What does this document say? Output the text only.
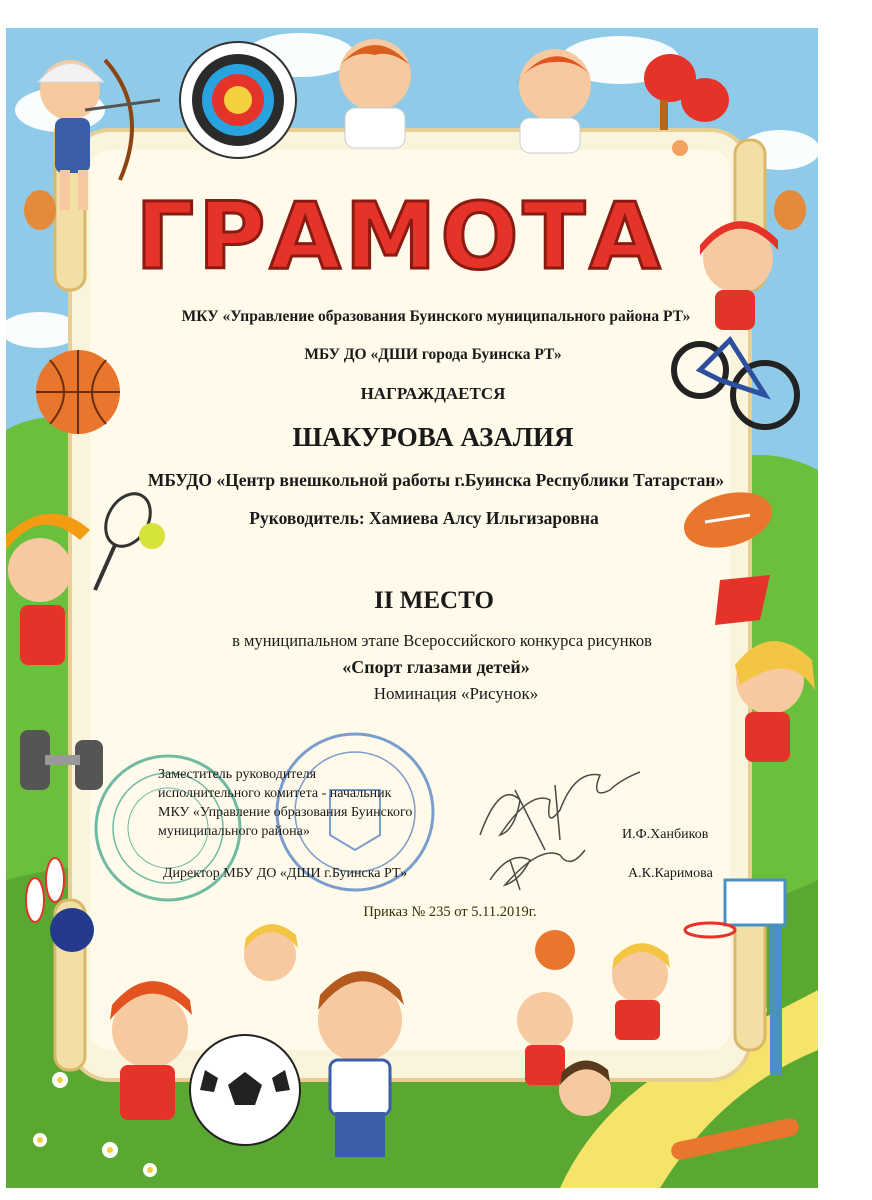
ГРАМОТА
МКУ «Управление образования Буинского муниципального района РТ»
МБУ ДО «ДШИ города Буинска РТ»
НАГРАЖДАЕТСЯ
ШАКУРОВА АЗАЛИЯ
МБУДО «Центр внешкольной работы г.Буинска Республики Татарстан»
Руководитель: Хамиева Алсу Ильгизаровна
II МЕСТО
в муниципальном этапе Всероссийского конкурса рисунков
«Спорт глазами детей»
Номинация «Рисунок»
Заместитель руководителя
исполнительного комитета - начальник
МКУ «Управление образования Буинского
муниципального района»	И.Ф.Ханбиков
Директор МБУ ДО «ДШИ г.Буинска РТ»	А.К.Каримова
Приказ № 235 от 5.11.2019г.
